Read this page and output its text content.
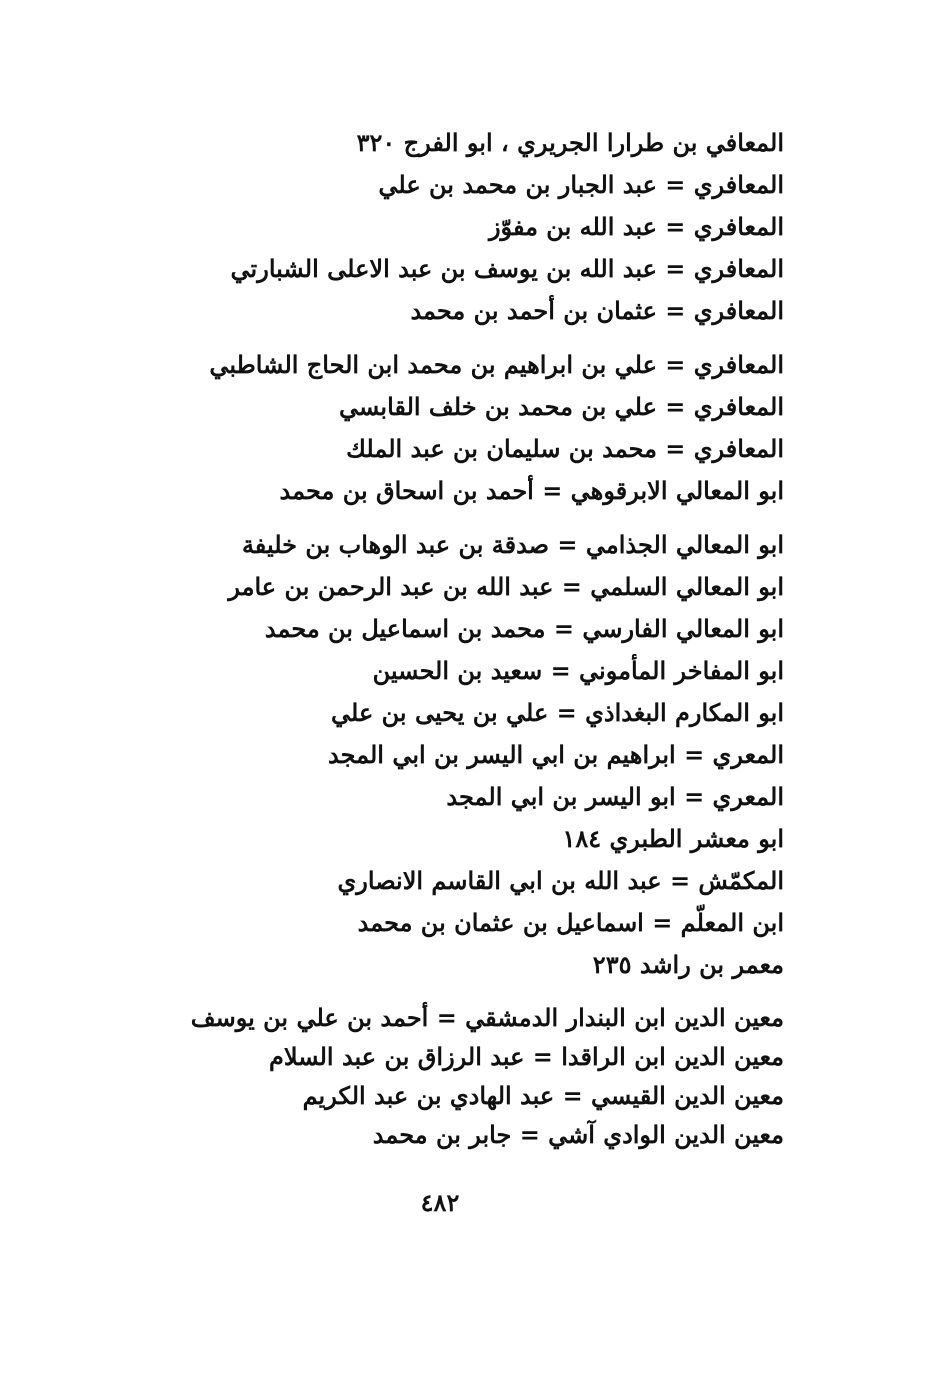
المعافي بن طرارا الجريري ، ابو الفرج ٣٢٠
المعافري = عبد الجبار بن محمد بن علي
المعافري = عبد الله بن مفوّز
المعافري = عبد الله بن يوسف بن عبد الاعلى الشبارتي
المعافري = عثمان بن أحمد بن محمد
المعافري = علي بن ابراهيم بن محمد ابن الحاج الشاطبي
المعافري = علي بن محمد بن خلف القابسي
المعافري = محمد بن سليمان بن عبد الملك
ابو المعالي الابرقوهي = أحمد بن اسحاق بن محمد
ابو المعالي الجذامي = صدقة بن عبد الوهاب بن خليفة
ابو المعالي السلمي = عبد الله بن عبد الرحمن بن عامر
ابو المعالي الفارسي = محمد بن اسماعيل بن محمد
ابو المفاخر المأموني = سعيد بن الحسين
ابو المكارم البغداذي = علي بن يحيى بن علي
المعري = ابراهيم بن ابي اليسر بن ابي المجد
المعري = ابو اليسر بن ابي المجد
ابو معشر الطبري ١٨٤
المكمّش = عبد الله بن ابي القاسم الانصاري
ابن المعلّم = اسماعيل بن عثمان بن محمد
معمر بن راشد ٢٣٥
معين الدين ابن البندار الدمشقي = أحمد بن علي بن يوسف
معين الدين ابن الراقدا = عبد الرزاق بن عبد السلام
معين الدين القيسي = عبد الهادي بن عبد الكريم
معين الدين الوادي آشي = جابر بن محمد
٤٨٢
